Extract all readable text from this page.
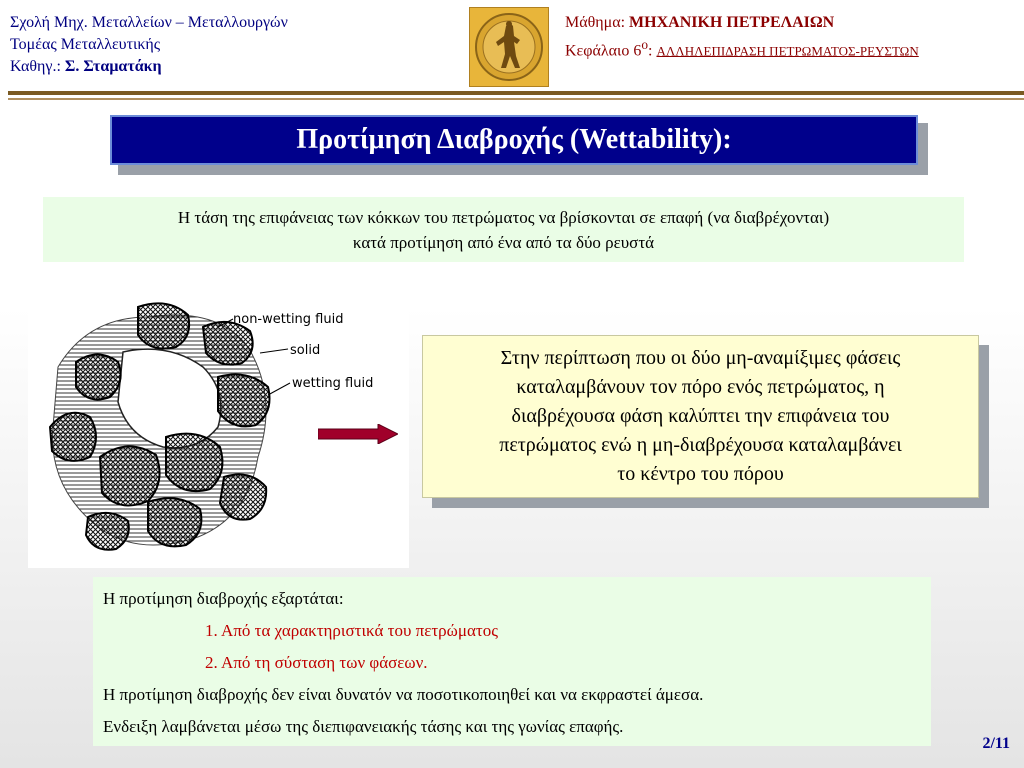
Σχολή Μηχ. Μεταλλείων – Μεταλλουργών
Τομέας Μεταλλευτικής
Καθηγ.: Σ. Σταματάκη
Μάθημα: ΜΗΧΑΝΙΚΗ ΠΕΤΡΕΛΑΙΩΝ
Κεφάλαιο $6^o$: ΑΛΛΗΛΕΠΙΔΡΑΣΗ ΠΕΤΡΩΜΑΤΟΣ-ΡΕΥΣΤΩΝ
Προτίμηση Διαβροχής (Wettability):
Η τάση της επιφάνειας των κόκκων του πετρώματος να βρίσκονται σε επαφή (να διαβρέχονται)
κατά προτίμηση από ένα από τα δύο ρευστά
non-wetting fluid
solid
wetting fluid
Στην περίπτωση που οι δύο μη-αναμίξιμες φάσεις
καταλαμβάνουν τον πόρο ενός πετρώματος, η
διαβρέχουσα φάση καλύπτει την επιφάνεια του
πετρώματος ενώ η μη-διαβρέχουσα καταλαμβάνει
το κέντρο του πόρου

Η προτίμηση διαβροχής εξαρτάται:

1. Από τα χαρακτηριστικά του πετρώματος

2. Από τη σύσταση των φάσεων.

Η προτίμηση διαβροχής δεν είναι δυνατόν να ποσοτικοποιηθεί και να εκφραστεί άμεσα.

Ενδειξη λαμβάνεται μέσω της διεπιφανειακής τάσης και της γωνίας επαφής.

2/11
